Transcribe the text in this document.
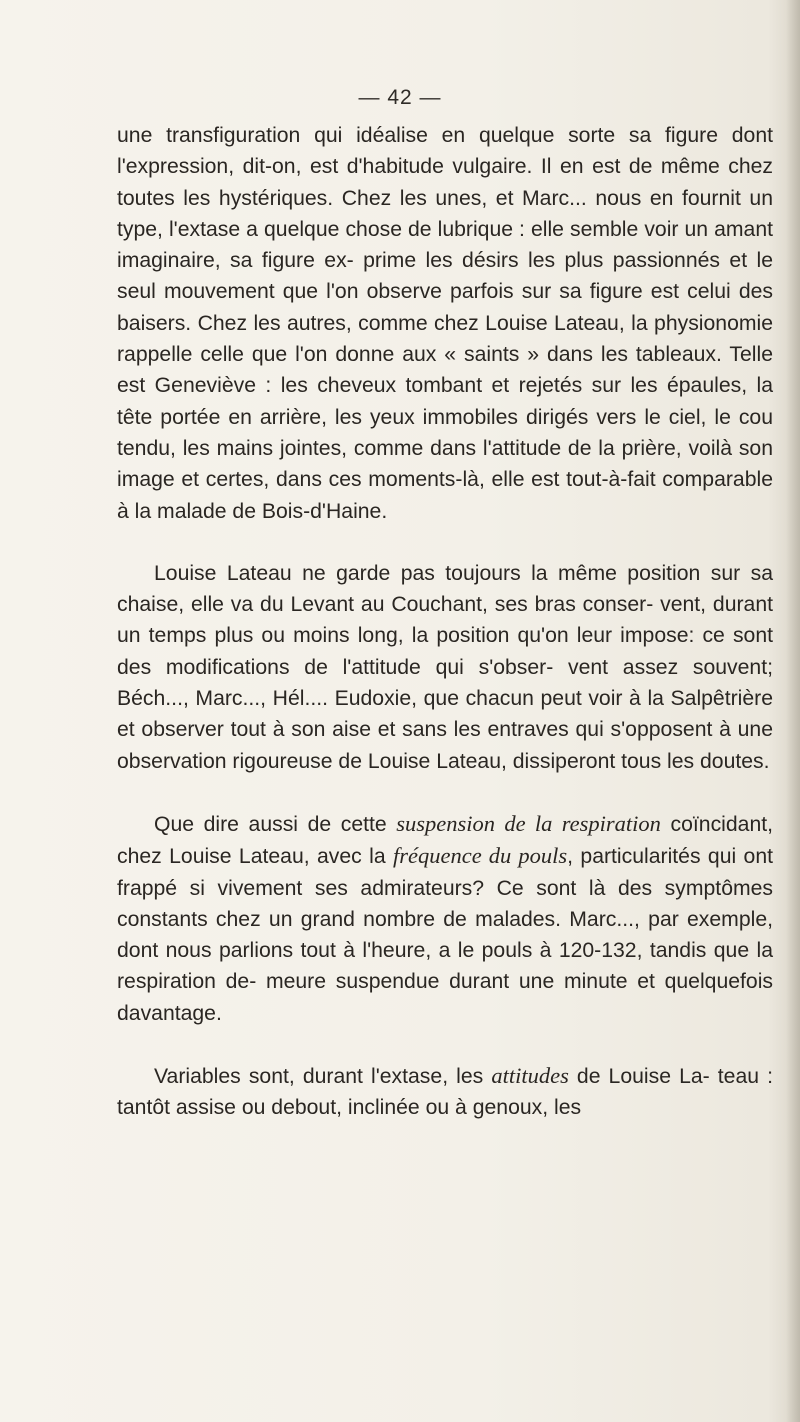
— 42 —

une transfiguration qui idéalise en quelque sorte sa figure dont l'expression, dit-on, est d'habitude vulgaire. Il en est de même chez toutes les hystériques. Chez les unes, et Marc... nous en fournit un type, l'extase a quelque chose de lubrique : elle semble voir un amant imaginaire, sa figure ex- prime les désirs les plus passionnés et le seul mouvement que l'on observe parfois sur sa figure est celui des baisers. Chez les autres, comme chez Louise Lateau, la physionomie rappelle celle que l'on donne aux « saints » dans les tableaux. Telle est Geneviève : les cheveux tombant et rejetés sur les épaules, la tête portée en arrière, les yeux immobiles dirigés vers le ciel, le cou tendu, les mains jointes, comme dans l'attitude de la prière, voilà son image et certes, dans ces moments-là, elle est tout-à-fait comparable à la malade de Bois-d'Haine.

Louise Lateau ne garde pas toujours la même position sur sa chaise, elle va du Levant au Couchant, ses bras conser- vent, durant un temps plus ou moins long, la position qu'on leur impose: ce sont des modifications de l'attitude qui s'obser- vent assez souvent; Béch..., Marc..., Hél.... Eudoxie, que chacun peut voir à la Salpêtrière et observer tout à son aise et sans les entraves qui s'opposent à une observation rigoureuse de Louise Lateau, dissiperont tous les doutes.

Que dire aussi de cette suspension de la respiration coïncidant, chez Louise Lateau, avec la fréquence du pouls, particularités qui ont frappé si vivement ses admirateurs? Ce sont là des symptômes constants chez un grand nombre de malades. Marc..., par exemple, dont nous parlions tout à l'heure, a le pouls à 120-132, tandis que la respiration de- meure suspendue durant une minute et quelquefois davantage.

Variables sont, durant l'extase, les attitudes de Louise La- teau : tantôt assise ou debout, inclinée ou à genoux, les
